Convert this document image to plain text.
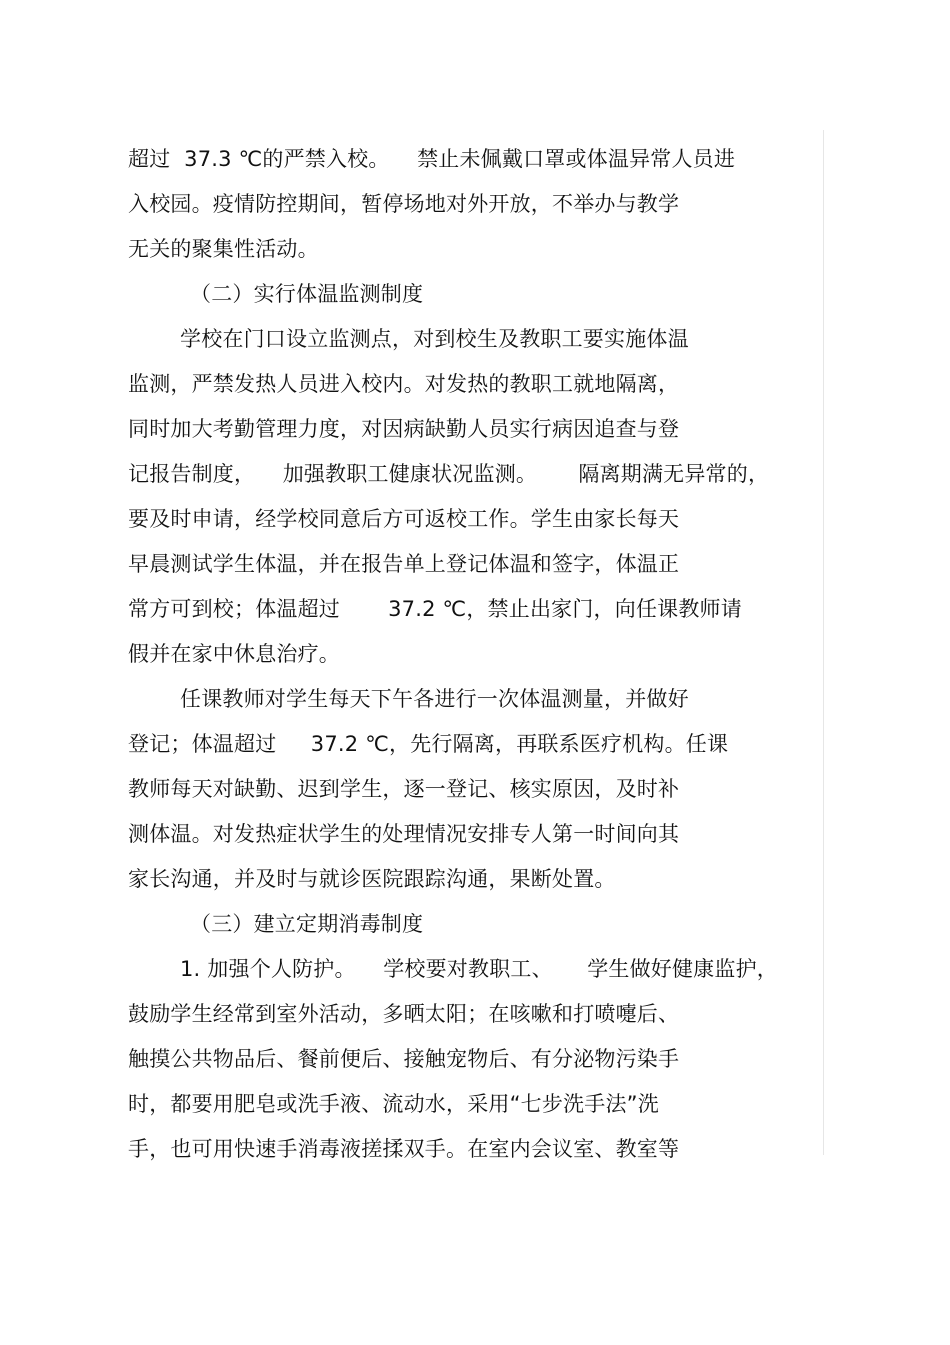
超过  37.3 ℃的严禁入校。    禁止未佩戴口罩或体温异常人员进
入校园。疫情防控期间，暂停场地对外开放，不举办与教学
无关的聚集性活动。
（二）实行体温监测制度
学校在门口设立监测点，对到校生及教职工要实施体温
监测，严禁发热人员进入校内。对发热的教职工就地隔离，
同时加大考勤管理力度，对因病缺勤人员实行病因追查与登
记报告制度，    加强教职工健康状况监测。      隔离期满无异常的，
要及时申请，经学校同意后方可返校工作。学生由家长每天
早晨测试学生体温，并在报告单上登记体温和签字，体温正
常方可到校；体温超过       37.2 ℃，禁止出家门，向任课教师请
假并在家中休息治疗。
任课教师对学生每天下午各进行一次体温测量，并做好
登记；体温超过     37.2 ℃，先行隔离，再联系医疗机构。任课
教师每天对缺勤、迟到学生，逐一登记、核实原因，及时补
测体温。对发热症状学生的处理情况安排专人第一时间向其
家长沟通，并及时与就诊医院跟踪沟通，果断处置。
（三）建立定期消毒制度
1. 加强个人防护。    学校要对教职工、     学生做好健康监护，
鼓励学生经常到室外活动，多晒太阳；在咳嗽和打喷嚏后、
触摸公共物品后、餐前便后、接触宠物后、有分泌物污染手
时，都要用肥皂或洗手液、流动水，采用“七步洗手法”洗
手，也可用快速手消毒液搓揉双手。在室内会议室、教室等
